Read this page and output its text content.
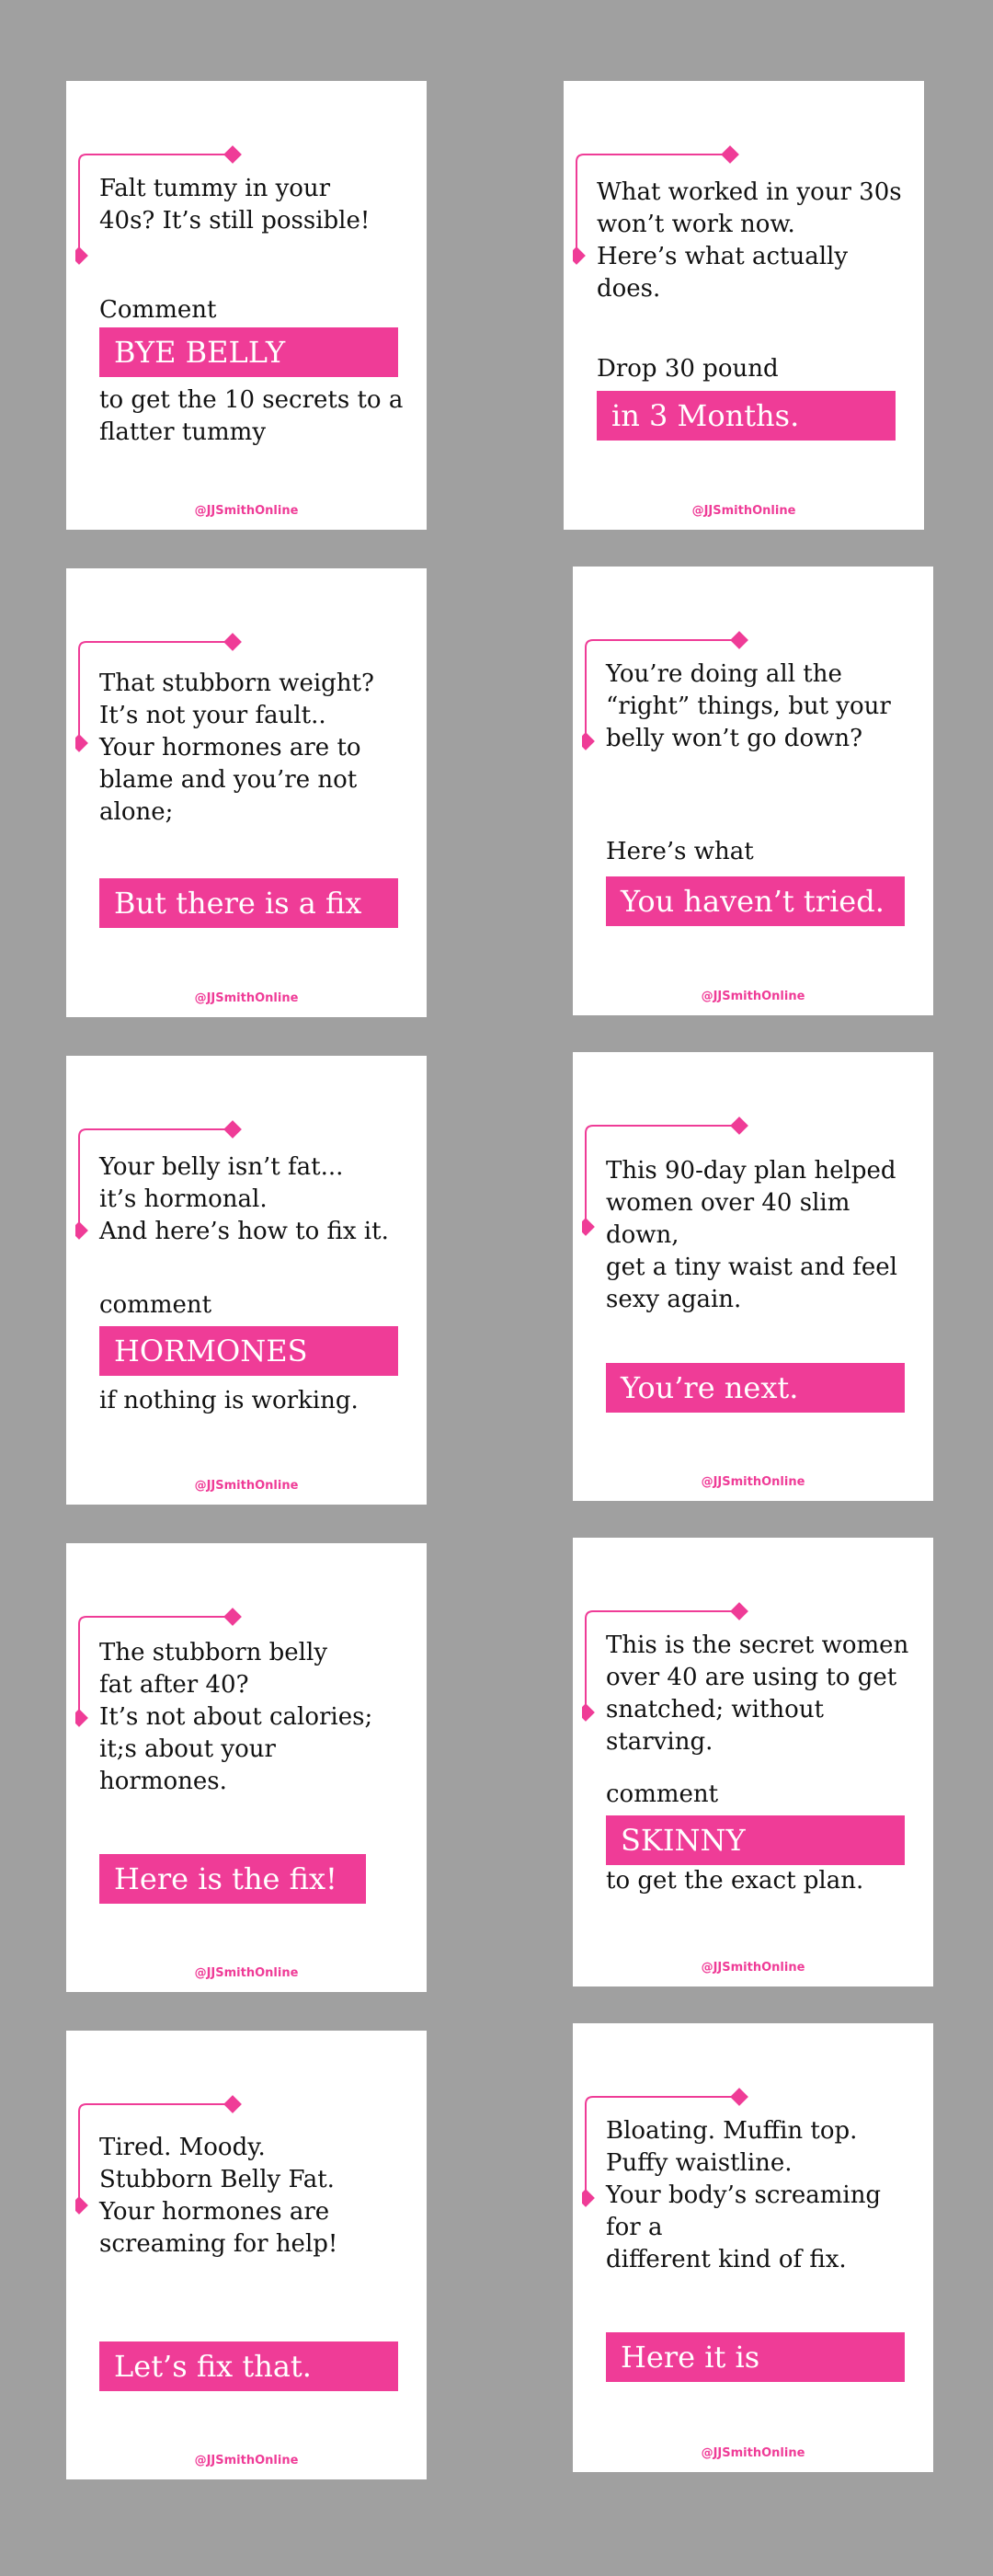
Falt tummy in your
40s? It’s still possible!
Comment
BYE BELLY
to get the 10 secrets to a
flatter tummy
@JJSmithOnline
What worked in your 30s
won’t work now.
Here’s what actually does.
Drop 30 pound
in 3 Months.
@JJSmithOnline
That stubborn weight?
It’s not your fault..
Your hormones are to
blame and you’re not
alone;
But there is a fix
@JJSmithOnline
You’re doing all the
“right” things, but your
belly won’t go down?
Here’s what
You haven’t tried.
@JJSmithOnline
Your belly isn’t fat...
it’s hormonal.
And here’s how to fix it.
comment
HORMONES
if nothing is working.
@JJSmithOnline
This 90-day plan helped
women over 40 slim down,
get a tiny waist and feel
sexy again.
You’re next.
@JJSmithOnline
The stubborn belly
fat after 40?
It’s not about calories;
it;s about your hormones.
Here is the fix!
@JJSmithOnline
This is the secret women
over 40 are using to get
snatched; without starving.
comment
SKINNY
to get the exact plan.
@JJSmithOnline
Tired. Moody.
Stubborn Belly Fat.
Your hormones are
screaming for help!
Let’s fix that.
@JJSmithOnline
Bloating. Muffin top.
Puffy waistline.
Your body’s screaming for a
different kind of fix.
Here it is
@JJSmithOnline
